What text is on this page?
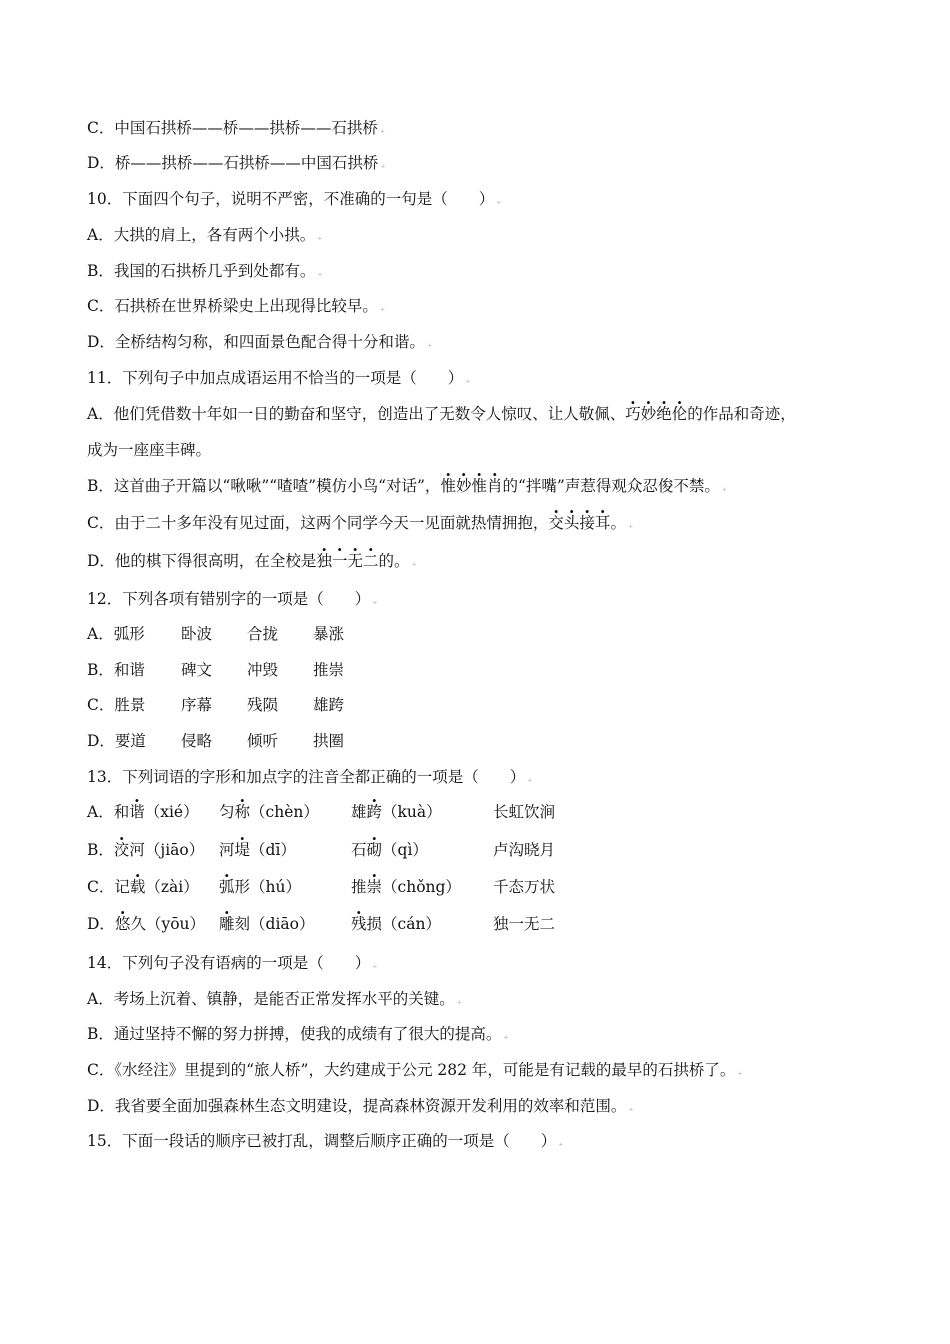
C．中国石拱桥——桥——拱桥——石拱桥 ₊
D．桥——拱桥——石拱桥——中国石拱桥 ₊
10．下面四个句子，说明不严密，不准确的一句是（　　） ₊
A．大拱的肩上，各有两个小拱。 ₊
B．我国的石拱桥几乎到处都有。 ₊
C．石拱桥在世界桥梁史上出现得比较早。 ₊
D．全桥结构匀称，和四面景色配合得十分和谐。 ₊
11．下列句子中加点成语运用不恰当的一项是（　　） ₊
A．他们凭借数十年如一日的勤奋和坚守，创造出了无数令人惊叹、让人敬佩、巧妙绝伦的作品和奇迹，
成为一座座丰碑。
B．这首曲子开篇以“啾啾”“喳喳”模仿小鸟“对话”，惟妙惟肖的“拌嘴”声惹得观众忍俊不禁。 ₊
C．由于二十多年没有见过面，这两个同学今天一见面就热情拥抱，交头接耳。 ₊
D．他的棋下得很高明，在全校是独一无二的。 ₊
12．下列各项有错别字的一项是（　　） ₊
A．弧形 卧波 合拢 暴涨
B．和谐 碑文 冲毁 推崇
C．胜景 序幕 残陨 雄跨
D．要道 侵略 倾听 拱圈
13．下列词语的字形和加点字的注音全都正确的一项是（　　） ₊
A．和谐（xié） 匀称（chèn） 雄跨（kuà）	长虹饮涧
B．洨河（jiāo） 河堤（dī）	石砌（qì）	卢沟晓月
C．记载（zài） 弧形（hú）	推崇（chǒng） 千态万状
D．悠久（yōu） 雕刻（diāo） 残损（cán）	独一无二
14．下列句子没有语病的一项是（　　） ₊
A．考场上沉着、镇静，是能否正常发挥水平的关键。 ₊
B．通过坚持不懈的努力拼搏，使我的成绩有了很大的提高。 ₊
C．《水经注》里提到的“旅人桥”，大约建成于公元 282 年，可能是有记载的最早的石拱桥了。 ₊
D．我省要全面加强森林生态文明建设，提高森林资源开发利用的效率和范围。 ₊
15．下面一段话的顺序已被打乱，调整后顺序正确的一项是（　　） ₊
